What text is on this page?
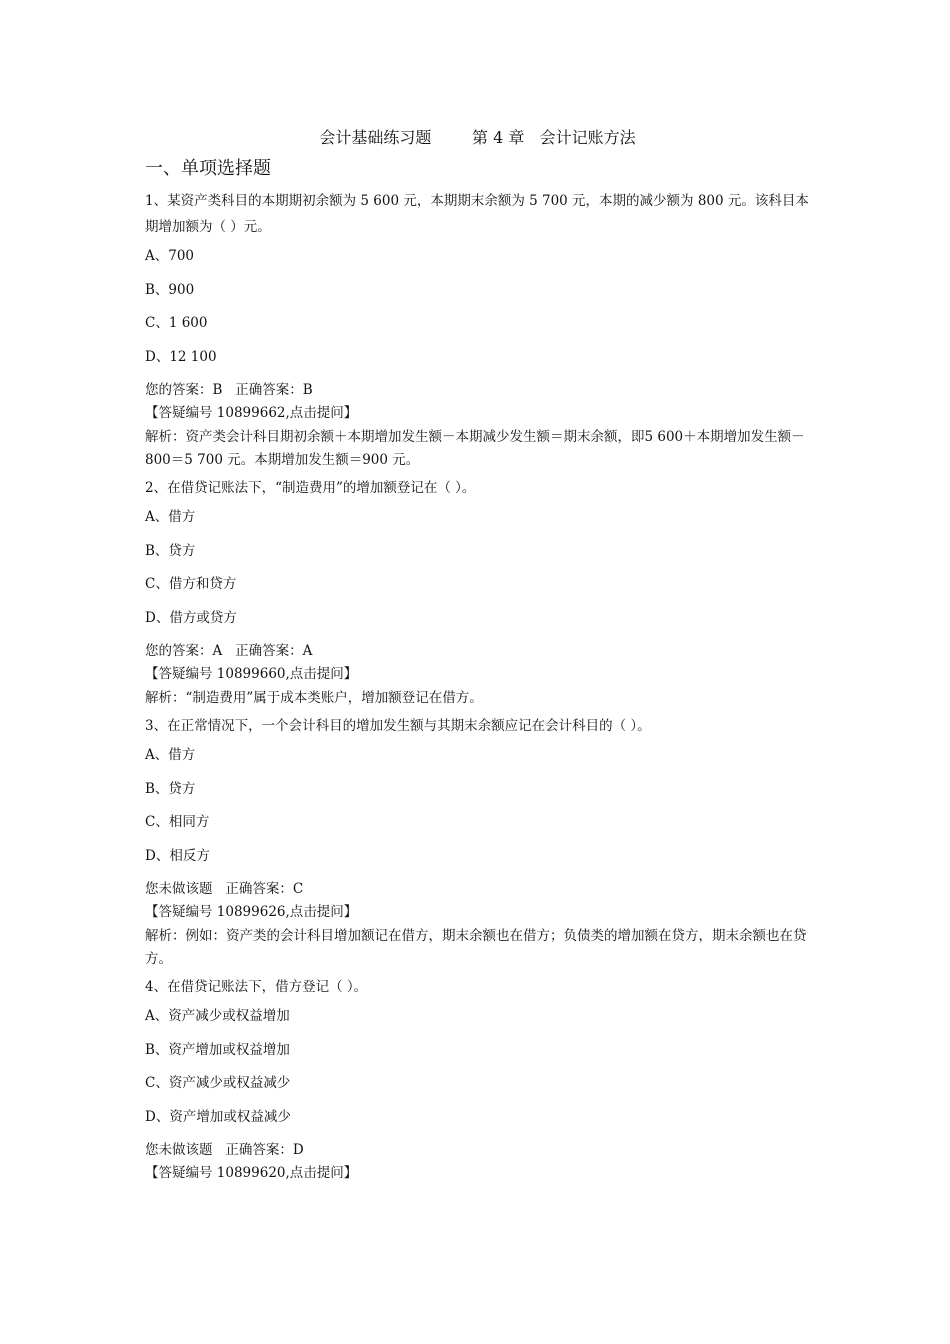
会计基础练习题        第 4 章   会计记账方法
一、单项选择题

1、某资产类科目的本期期初余额为 5 600 元，本期期末余额为 5 700 元，本期的减少额为 800 元。该科目本期增加额为（ ）元。

A、700

B、900

C、1 600

D、12 100

您的答案：B   正确答案：B

【答疑编号 10899662,点击提问】

解析：资产类会计科目期初余额＋本期增加发生额－本期减少发生额＝期末余额，即5 600＋本期增加发生额－800＝5 700 元。本期增加发生额＝900 元。

2、在借贷记账法下，“制造费用”的增加额登记在（ ）。

A、借方

B、贷方

C、借方和贷方

D、借方或贷方

您的答案：A   正确答案：A

【答疑编号 10899660,点击提问】

解析：“制造费用”属于成本类账户，增加额登记在借方。

3、在正常情况下，一个会计科目的增加发生额与其期末余额应记在会计科目的（ ）。

A、借方

B、贷方

C、相同方

D、相反方

您未做该题   正确答案：C

【答疑编号 10899626,点击提问】

解析：例如：资产类的会计科目增加额记在借方，期末余额也在借方；负债类的增加额在贷方，期末余额也在贷方。

4、在借贷记账法下，借方登记（ ）。

A、资产减少或权益增加

B、资产增加或权益增加

C、资产减少或权益减少

D、资产增加或权益减少

您未做该题   正确答案：D

【答疑编号 10899620,点击提问】
